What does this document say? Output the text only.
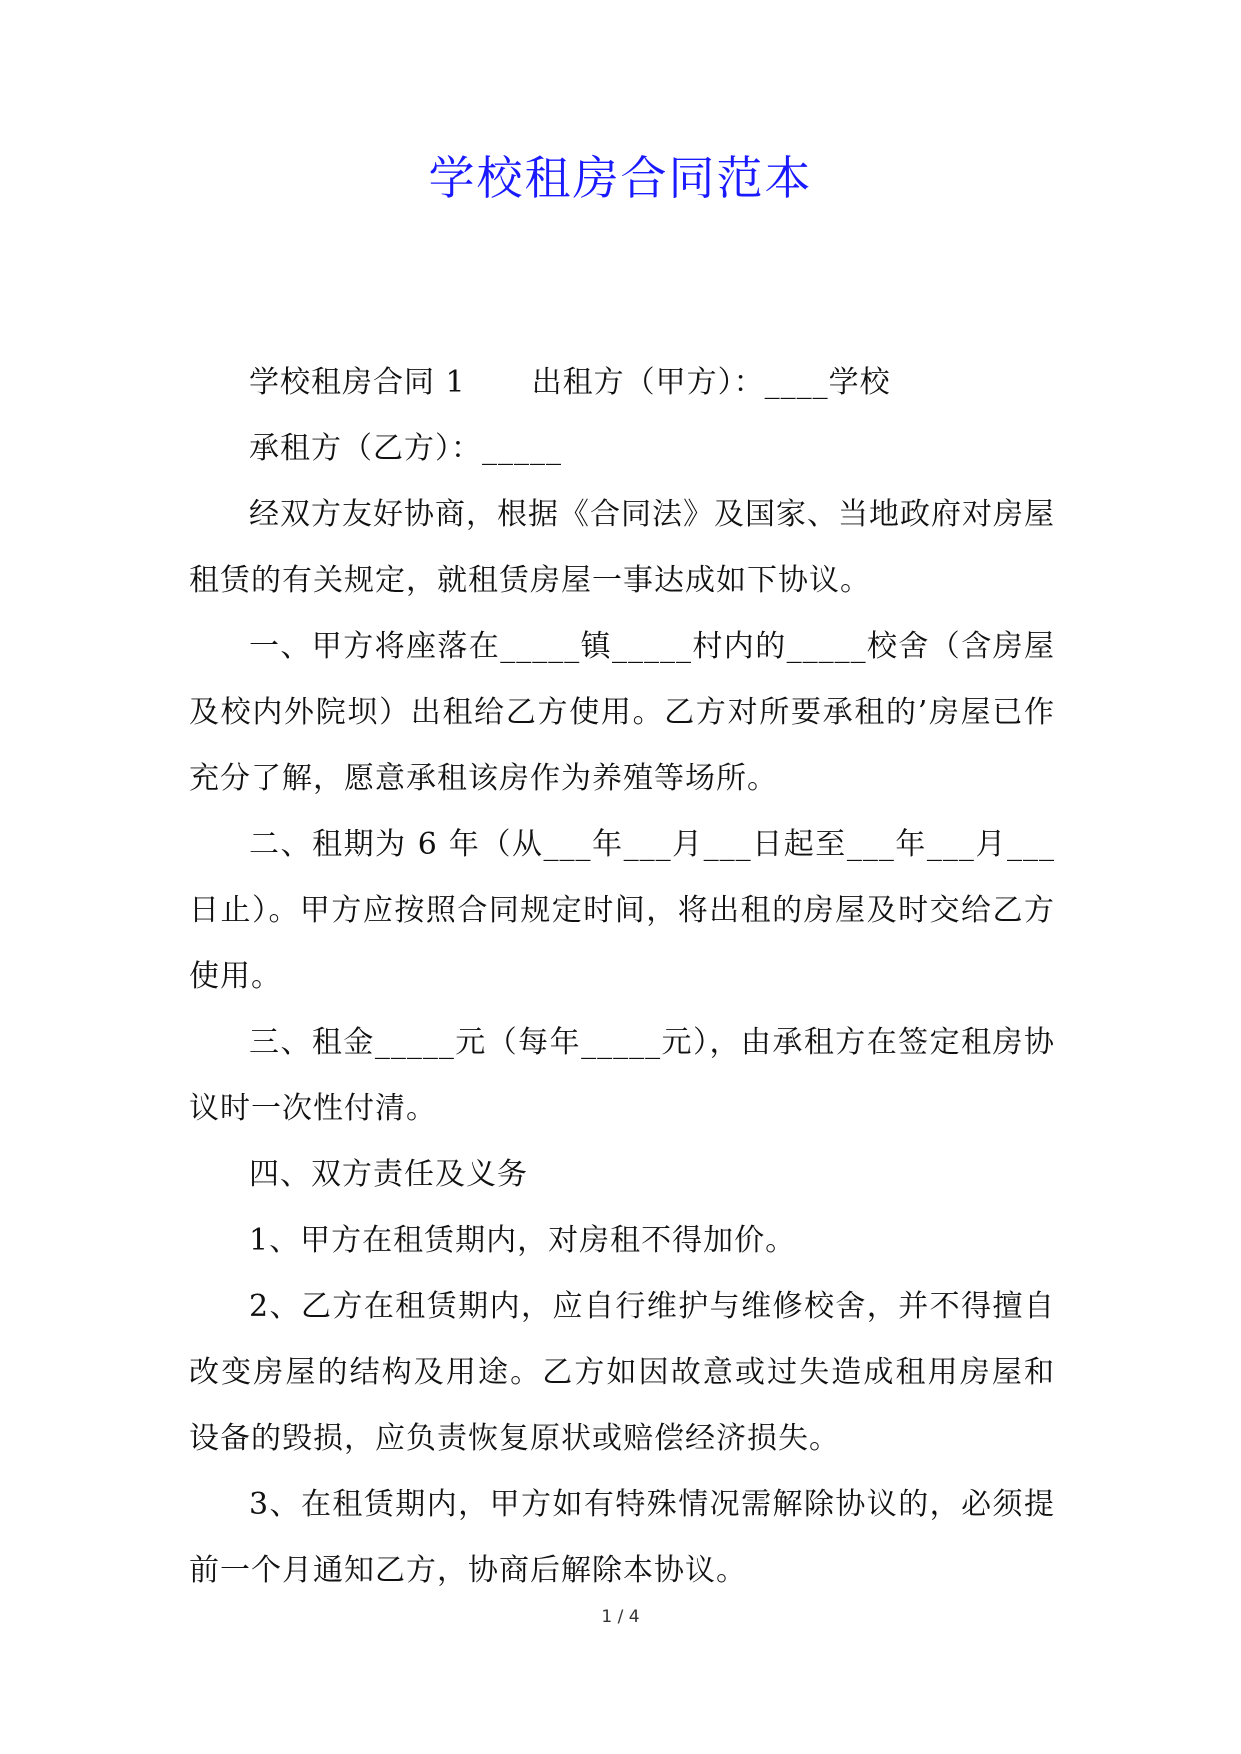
学校租房合同范本

学校租房合同 1 出租方（甲方）：____学校

承租方（乙方）：_____

经双方友好协商，根据《合同法》及国家、当地政府对房屋租赁的有关规定，就租赁房屋一事达成如下协议。

一、甲方将座落在_____镇_____村内的_____校舍（含房屋及校内外院坝）出租给乙方使用。乙方对所要承租的’房屋已作充分了解，愿意承租该房作为养殖等场所。

二、租期为 6 年（从___年___月___日起至___年___月___日止）。甲方应按照合同规定时间，将出租的房屋及时交给乙方使用。

三、租金_____元（每年_____元），由承租方在签定租房协议时一次性付清。

四、双方责任及义务

1、甲方在租赁期内，对房租不得加价。

2、乙方在租赁期内，应自行维护与维修校舍，并不得擅自改变房屋的结构及用途。乙方如因故意或过失造成租用房屋和设备的毁损，应负责恢复原状或赔偿经济损失。

3、在租赁期内，甲方如有特殊情况需解除协议的，必须提前一个月通知乙方，协商后解除本协议。

1 / 4
